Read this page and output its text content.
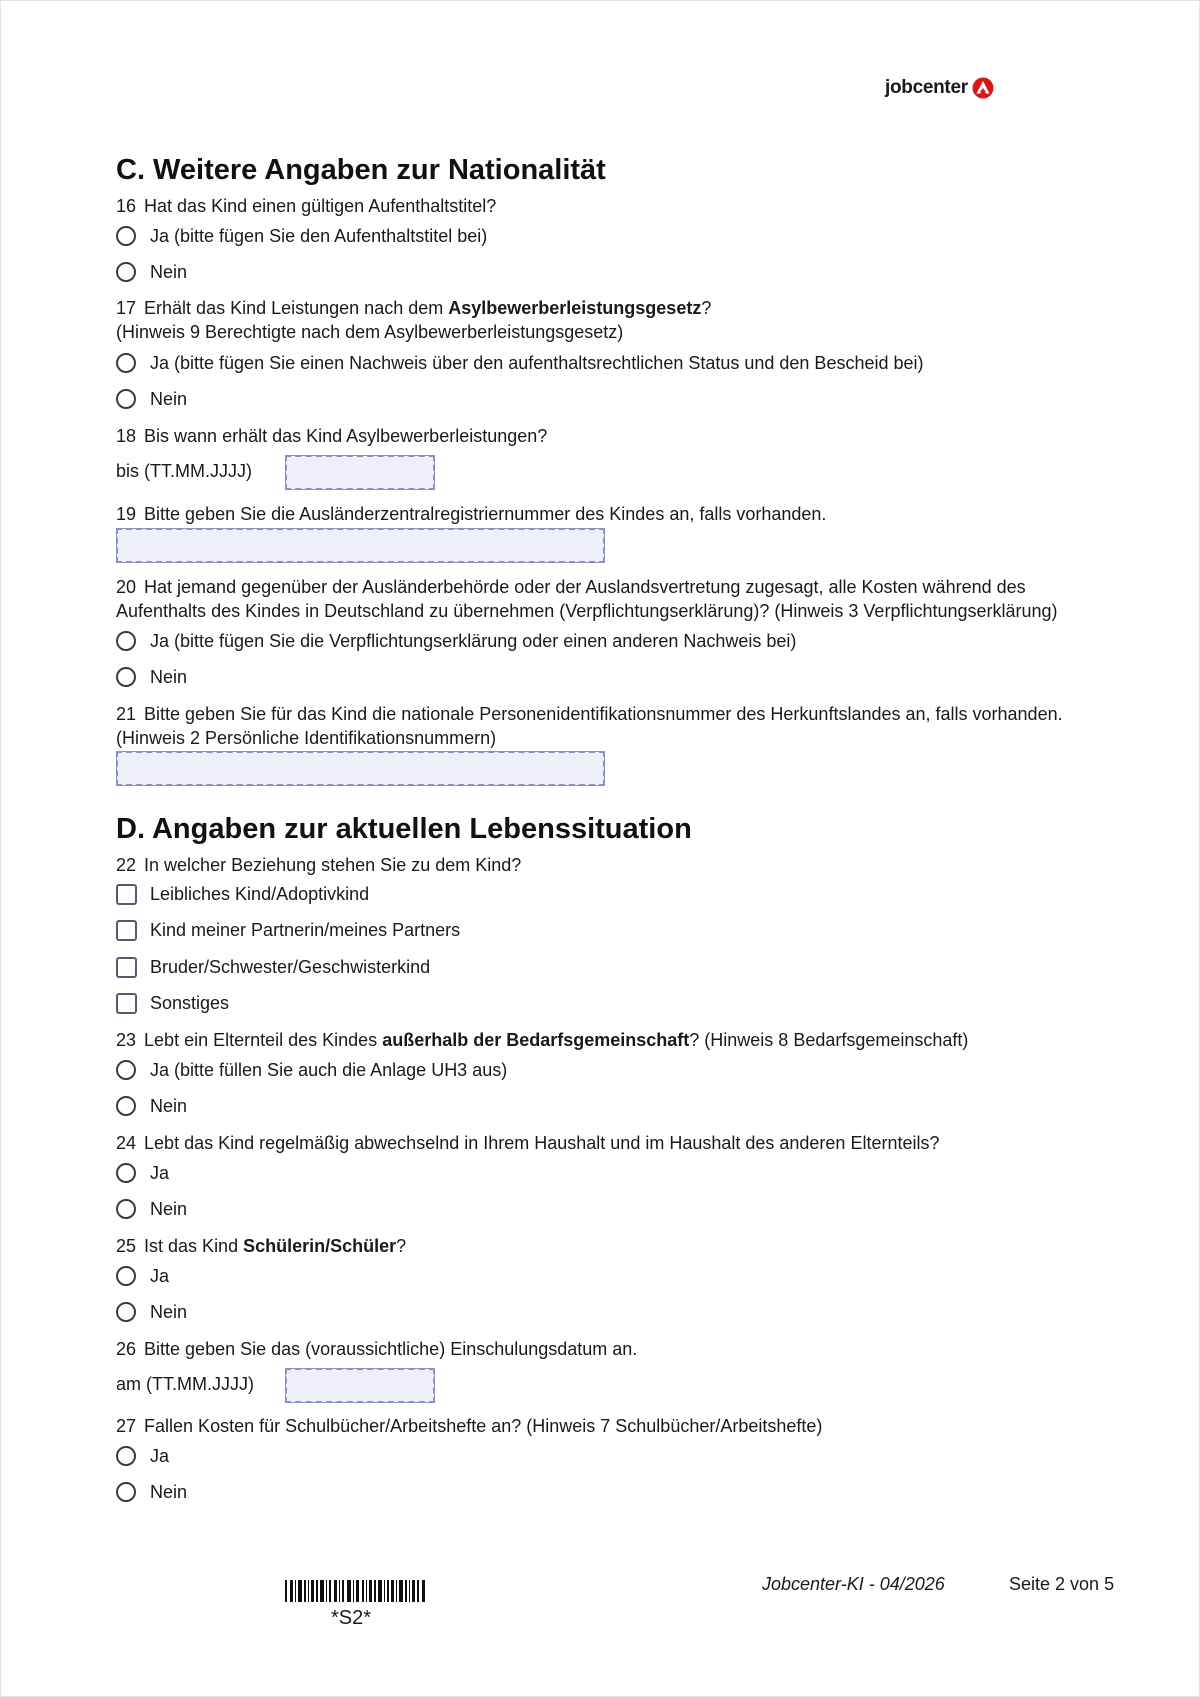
jobcenter
C. Weitere Angaben zur Nationalität
16 Hat das Kind einen gültigen Aufenthaltstitel?
Ja (bitte fügen Sie den Aufenthaltstitel bei)
Nein
17 Erhält das Kind Leistungen nach dem Asylbewerberleistungsgesetz?
(Hinweis 9 Berechtigte nach dem Asylbewerberleistungsgesetz)
Ja (bitte fügen Sie einen Nachweis über den aufenthaltsrechtlichen Status und den Bescheid bei)
Nein
18 Bis wann erhält das Kind Asylbewerberleistungen?
bis (TT.MM.JJJJ)
19 Bitte geben Sie die Ausländerzentralregistriernummer des Kindes an, falls vorhanden.
20 Hat jemand gegenüber der Ausländerbehörde oder der Auslandsvertretung zugesagt, alle Kosten während des
Aufenthalts des Kindes in Deutschland zu übernehmen (Verpflichtungserklärung)? (Hinweis 3 Verpflichtungserklärung)
Ja (bitte fügen Sie die Verpflichtungserklärung oder einen anderen Nachweis bei)
Nein
21 Bitte geben Sie für das Kind die nationale Personenidentifikationsnummer des Herkunftslandes an, falls vorhanden.
(Hinweis 2 Persönliche Identifikationsnummern)
D. Angaben zur aktuellen Lebenssituation
22 In welcher Beziehung stehen Sie zu dem Kind?
Leibliches Kind/Adoptivkind
Kind meiner Partnerin/meines Partners
Bruder/Schwester/Geschwisterkind
Sonstiges
23 Lebt ein Elternteil des Kindes außerhalb der Bedarfsgemeinschaft? (Hinweis 8 Bedarfsgemeinschaft)
Ja (bitte füllen Sie auch die Anlage UH3 aus)
Nein
24 Lebt das Kind regelmäßig abwechselnd in Ihrem Haushalt und im Haushalt des anderen Elternteils?
Ja
Nein
25 Ist das Kind Schülerin/Schüler?
Ja
Nein
26 Bitte geben Sie das (voraussichtliche) Einschulungsdatum an.
am (TT.MM.JJJJ)
27 Fallen Kosten für Schulbücher/Arbeitshefte an? (Hinweis 7 Schulbücher/Arbeitshefte)
Ja
Nein
*S2*
Jobcenter-KI - 04/2026	Seite 2 von 5
